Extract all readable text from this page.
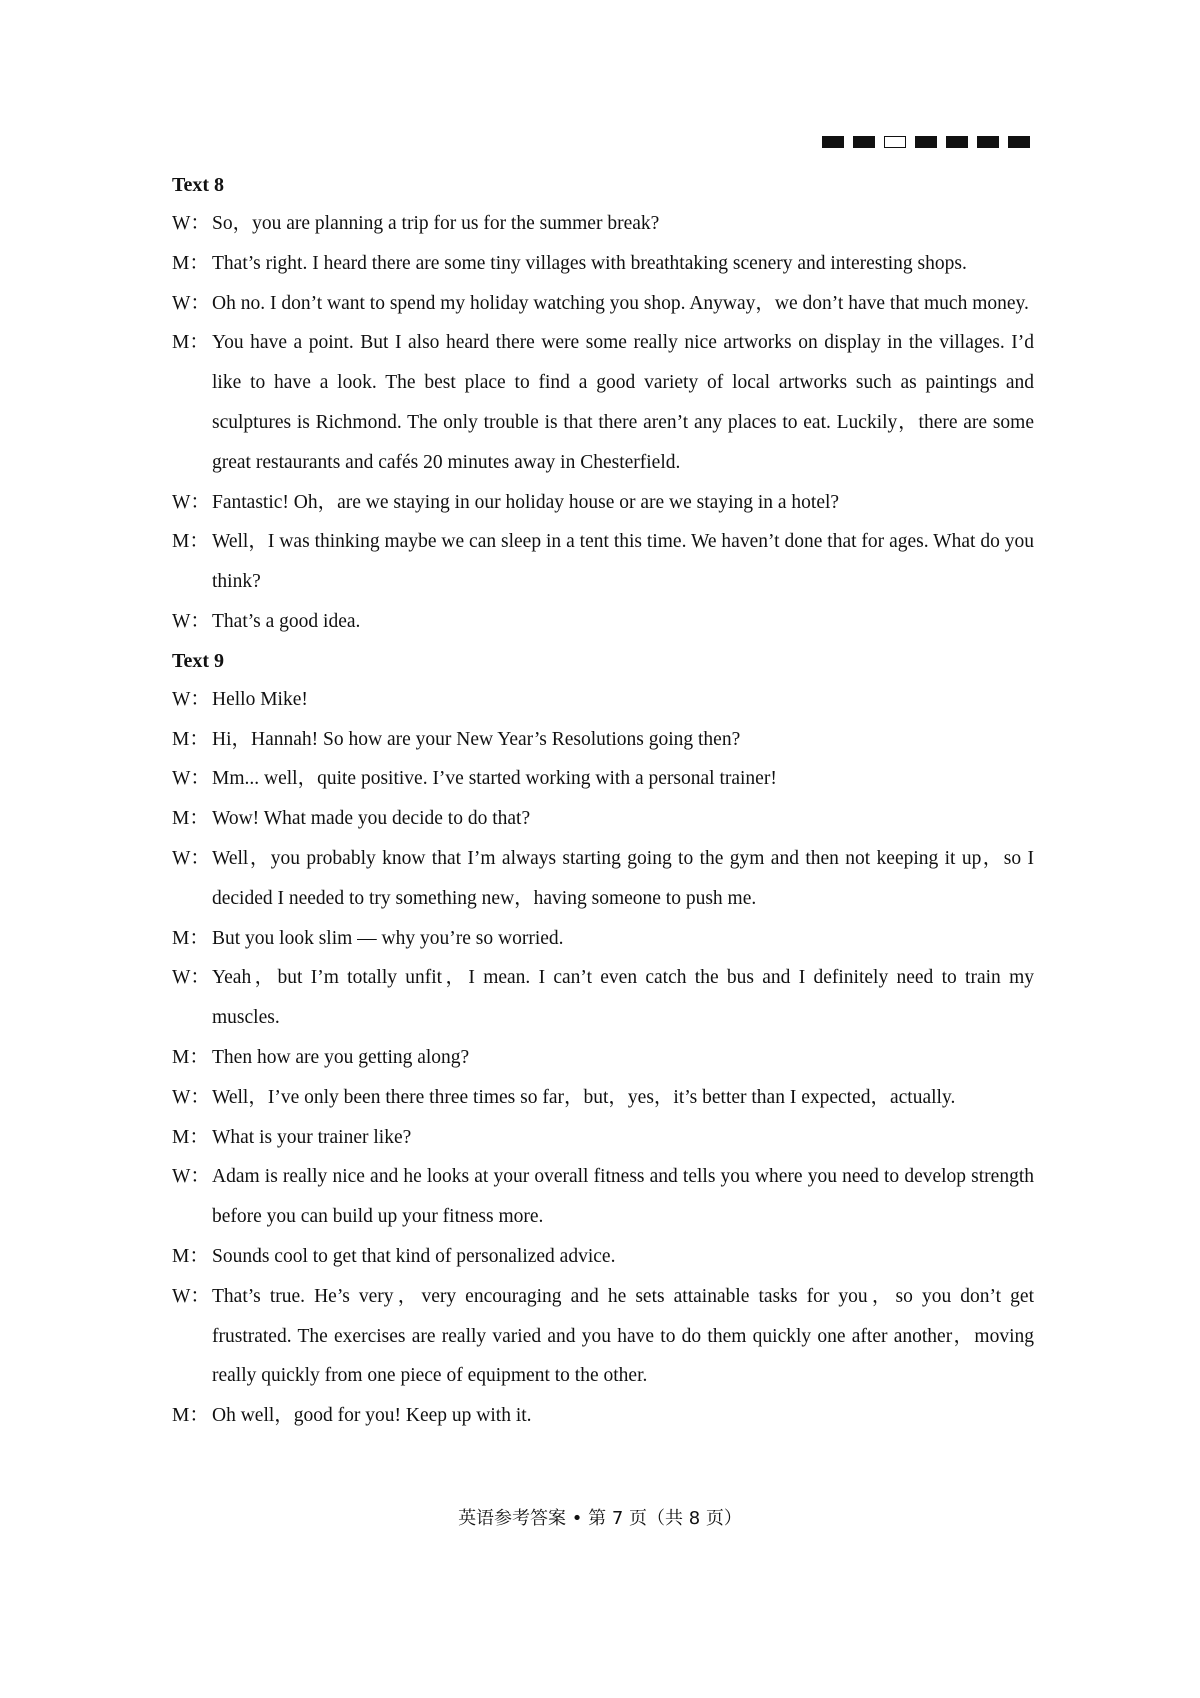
Text 8

W： So，you are planning a trip for us for the summer break?
M： That’s right. I heard there are some tiny villages with breathtaking scenery and interesting shops.
W： Oh no. I don’t want to spend my holiday watching you shop. Anyway，we don’t have that much money.
M： You have a point. But I also heard there were some really nice artworks on display in the villages. I’d like to have a look. The best place to find a good variety of local artworks such as paintings and sculptures is Richmond. The only trouble is that there aren’t any places to eat. Luckily，there are some great restaurants and cafés 20 minutes away in Chesterfield.
W： Fantastic! Oh，are we staying in our holiday house or are we staying in a hotel?
M： Well，I was thinking maybe we can sleep in a tent this time. We haven’t done that for ages. What do you think?
W： That’s a good idea.

Text 9

W： Hello Mike!
M： Hi，Hannah! So how are your New Year’s Resolutions going then?
W： Mm... well，quite positive. I’ve started working with a personal trainer!
M： Wow! What made you decide to do that?
W： Well，you probably know that I’m always starting going to the gym and then not keeping it up，so I decided I needed to try something new，having someone to push me.
M： But you look slim — why you’re so worried.
W： Yeah，but I’m totally unfit，I mean. I can’t even catch the bus and I definitely need to train my muscles.
M： Then how are you getting along?
W： Well，I’ve only been there three times so far，but，yes，it’s better than I expected，actually.
M： What is your trainer like?
W： Adam is really nice and he looks at your overall fitness and tells you where you need to develop strength before you can build up your fitness more.
M： Sounds cool to get that kind of personalized advice.
W： That’s true. He’s very，very encouraging and he sets attainable tasks for you，so you don’t get frustrated. The exercises are really varied and you have to do them quickly one after another，moving really quickly from one piece of equipment to the other.
M： Oh well，good for you! Keep up with it.
英语参考答案 • 第 7 页（共 8 页）
